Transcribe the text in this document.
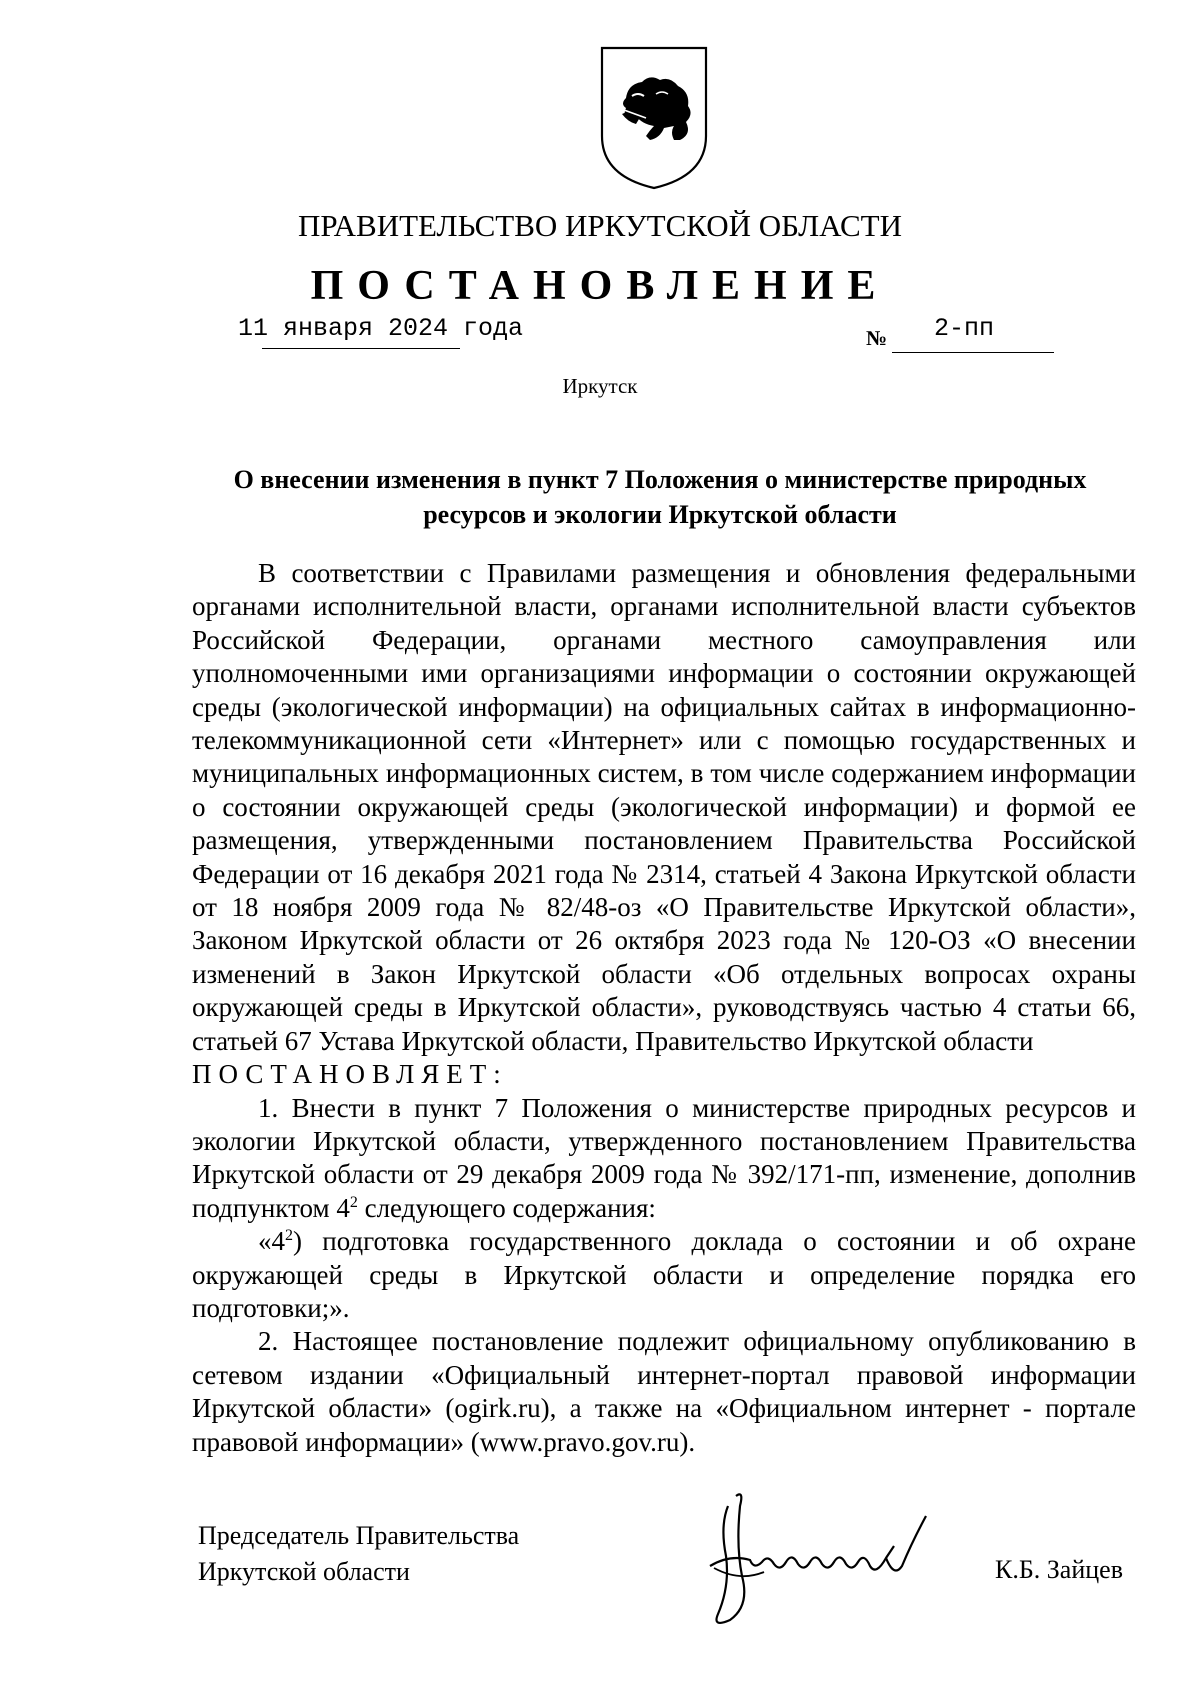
ПРАВИТЕЛЬСТВО ИРКУТСКОЙ ОБЛАСТИ
ПОСТАНОВЛЕНИЕ
11 января 2024 года	№ 2-пп
Иркутск
О внесении изменения в пункт 7 Положения о министерстве природных
ресурсов и экологии Иркутской области

В соответствии с Правилами размещения и обновления федеральными органами исполнительной власти, органами исполнительной власти субъектов Российской Федерации, органами местного самоуправления или уполномоченными ими организациями информации о состоянии окружающей среды (экологической информации) на официальных сайтах в информационно-телекоммуникационной сети «Интернет» или с помощью государственных и муниципальных информационных систем, в том числе содержанием информации о состоянии окружающей среды (экологической информации) и формой ее размещения, утвержденными постановлением Правительства Российской Федерации от 16 декабря 2021 года № 2314, статьей 4 Закона Иркутской области от 18 ноября 2009 года № 82/48-оз «О Правительстве Иркутской области», Законом Иркутской области от 26 октября 2023 года № 120-ОЗ «О внесении изменений в Закон Иркутской области «Об отдельных вопросах охраны окружающей среды в Иркутской области», руководствуясь частью 4 статьи 66, статьей 67 Устава Иркутской области, Правительство Иркутской области

ПОСТАНОВЛЯЕТ:

1. Внести в пункт 7 Положения о министерстве природных ресурсов и экологии Иркутской области, утвержденного постановлением Правительства Иркутской области от 29 декабря 2009 года № 392/171-пп, изменение, дополнив подпунктом $4^2$ следующего содержания:

«$4^2$) подготовка государственного доклада о состоянии и об охране окружающей среды в Иркутской области и определение порядка его подготовки;».

2. Настоящее постановление подлежит официальному опубликованию в сетевом издании «Официальный интернет-портал правовой информации Иркутской области» (ogirk.ru), а также на «Официальном интернет - портале правовой информации» (www.pravo.gov.ru).

Председатель Правительства
Иркутской области	К.Б. Зайцев
